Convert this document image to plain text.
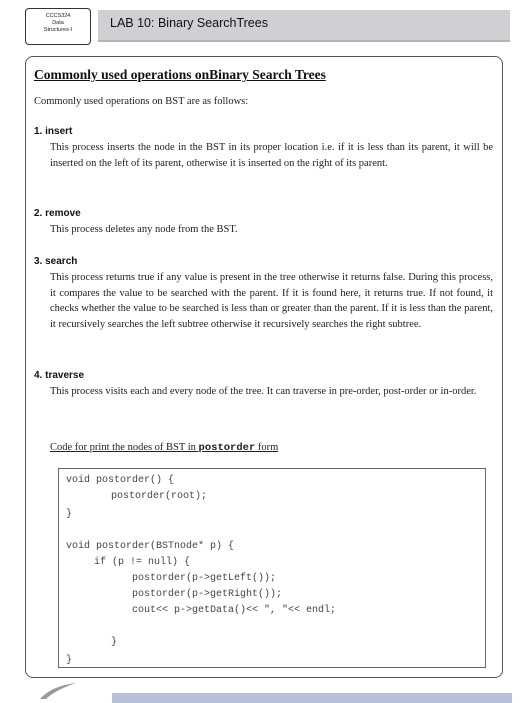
CCCS324
Data
Structures-I	LAB 10: Binary SearchTrees
Commonly used operations onBinary Search Trees
Commonly used operations on BST are as follows:
1. insert
This process inserts the node in the BST in its proper location i.e. if it is less than its parent, it will be inserted on the left of its parent, otherwise it is inserted on the right of its parent.
2. remove
This process deletes any node from the BST.
3. search
This process returns true if any value is present in the tree otherwise it returns false. During this process, it compares the value to be searched with the parent. If it is found here, it returns true. If not found, it checks whether the value to be searched is less than or greater than the parent. If it is less than the parent, it recursively searches the left subtree otherwise it recursively searches the right subtree.
4. traverse
This process visits each and every node of the tree. It can traverse in pre-order, post-order or in-order.
Code for print the nodes of BST in postorder form
void postorder() {
postorder(root);
}
void postorder(BSTnode* p) {
if (p != null) {
postorder(p->getLeft());
postorder(p->getRight());
cout<< p->getData()<< ", "<< endl;
}
}
